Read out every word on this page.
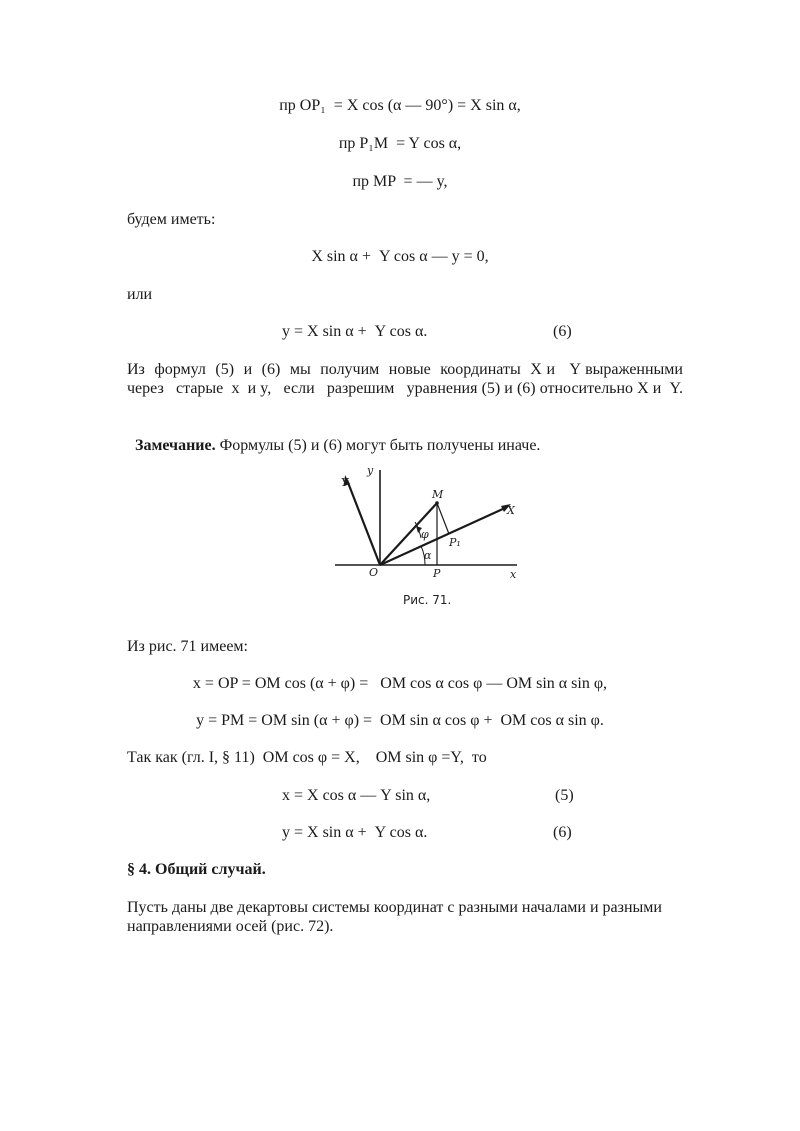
пр OP₁  = X cos (α — 90°) = X sin α,
пр P₁M  = Y cos α,
пр MP  = — y,
будем иметь:
X sin α +  Y cos α — y = 0,
или
y = X sin α +  Y cos α.	(6)
Из  формул  (5)  и  (6)  мы  получим  новые  координаты  X и   Y выраженными
через   старые  x  и y,   если   разрешим   уравнения (5) и (6) относительно X и  Y.

Замечание. Формулы (5) и (6) могут быть получены иначе.

y
Y
M
X
φ
α
P₁
O	P	x
Рис. 71.
Из рис. 71 имеем:
x = OP = OM cos (α + φ) =   OM cos α cos φ — OM sin α sin φ,
y = PM = OM sin (α + φ) =  OM sin α cos φ +  OM cos α sin φ.
Так как (гл. I, § 11)  OM cos φ = X,    OM sin φ =Y,  то
x = X cos α — Y sin α,	(5)
y = X sin α +  Y cos α.	(6)
§ 4. Общий случай.
Пусть даны две декартовы системы координат с разными началами и разными
направлениями осей (рис. 72).
